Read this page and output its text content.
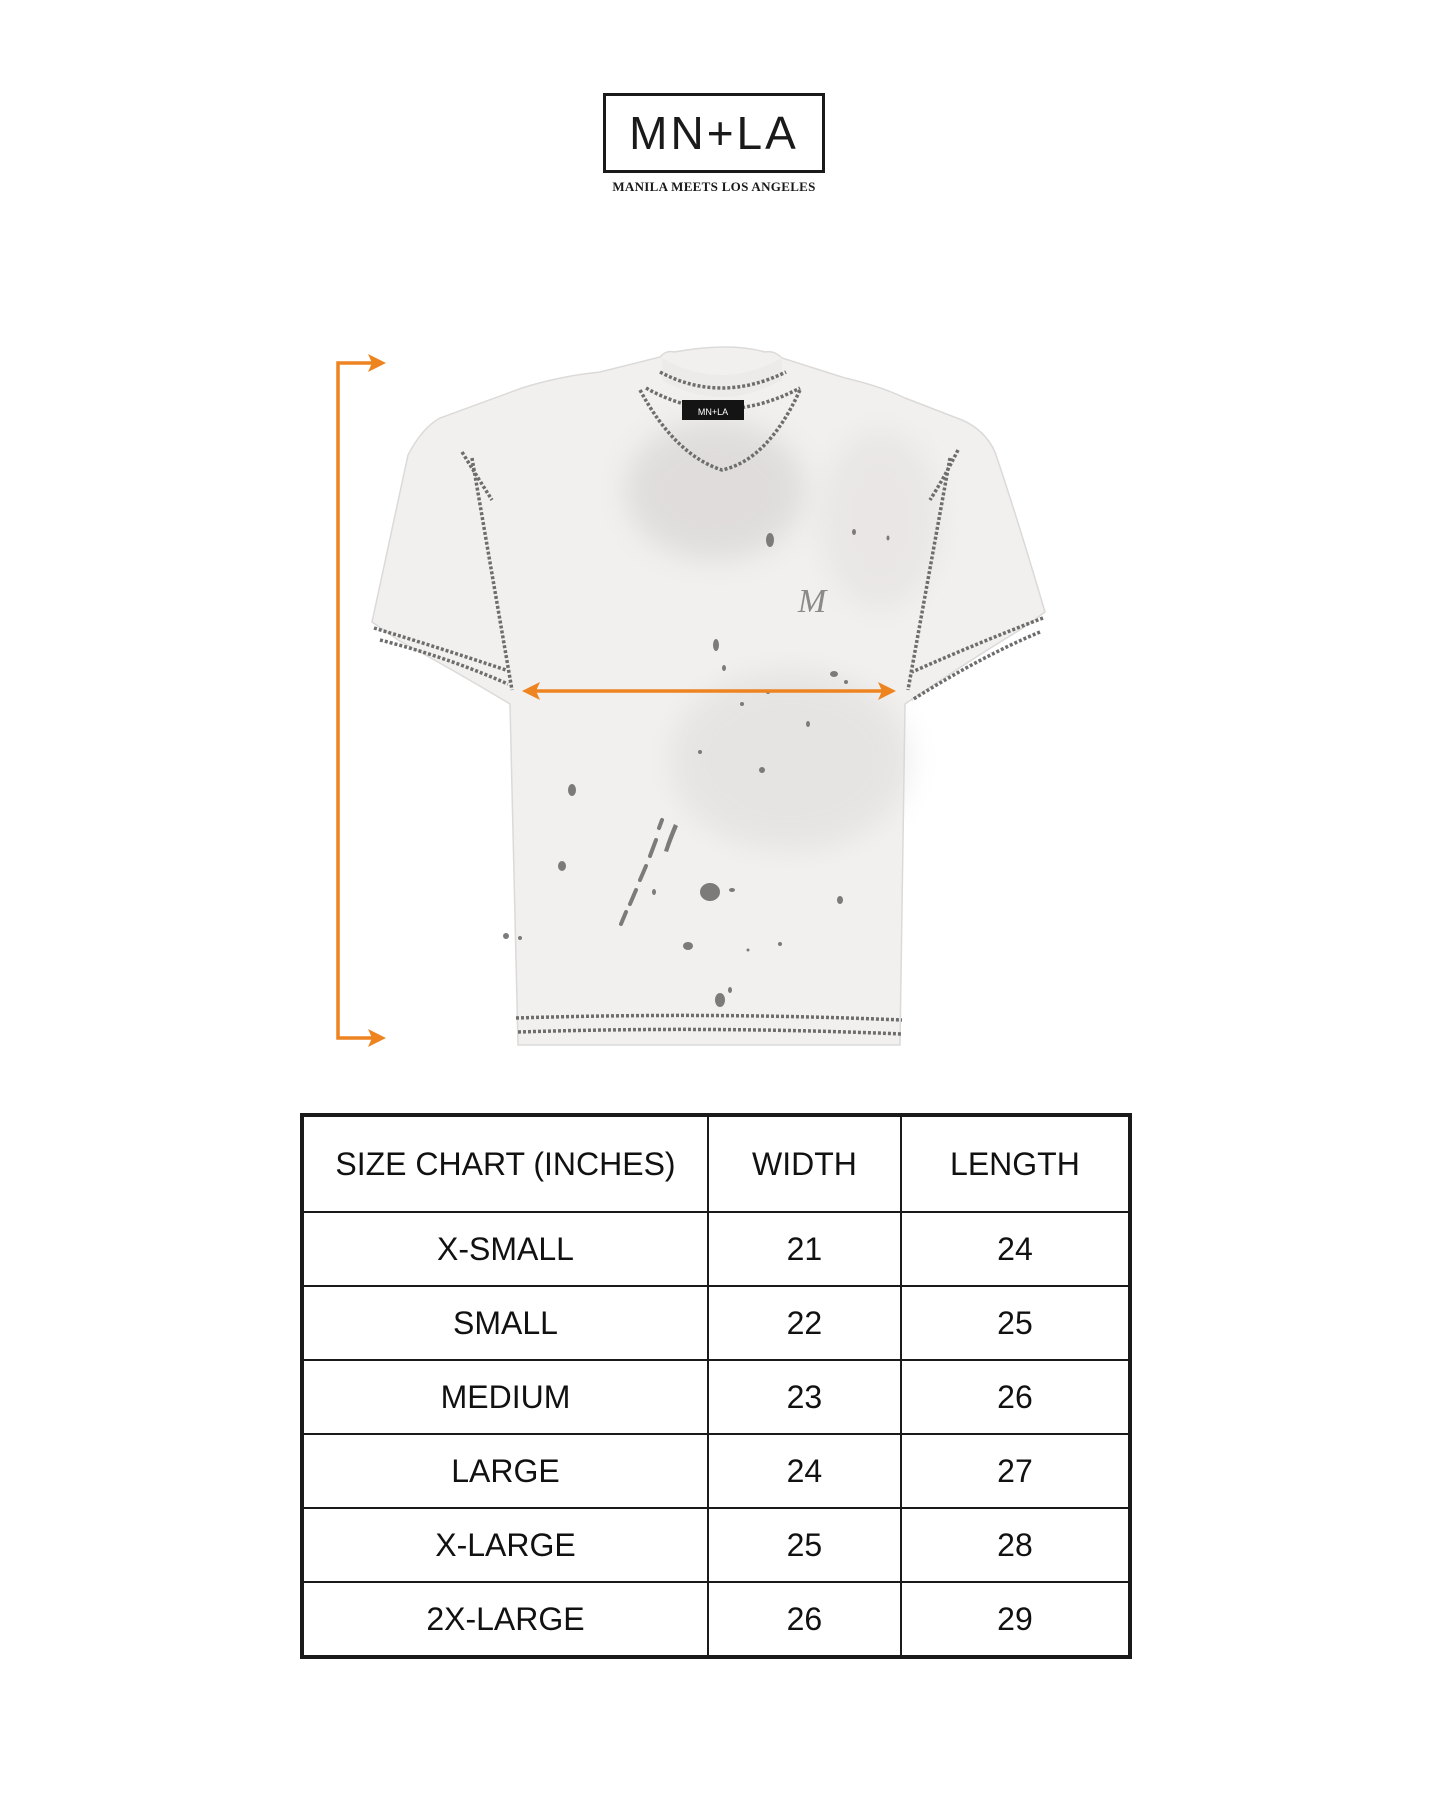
MN+LA
MANILA MEETS LOS ANGELES
MN+LA
M
SIZE CHART (INCHES)	WIDTH	LENGTH
X-SMALL	21	24
SMALL	22	25
MEDIUM	23	26
LARGE	24	27
X-LARGE	25	28
2X-LARGE	26	29
